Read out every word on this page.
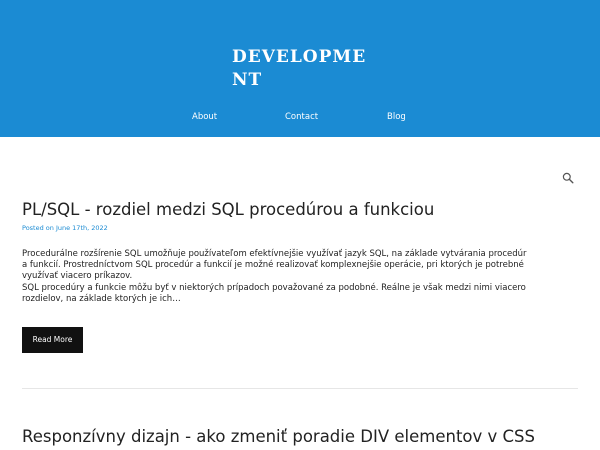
DEVELOPMENT
About	Contact	Blog
PL/SQL - rozdiel medzi SQL procedúrou a funkciou
Posted on June 17th, 2022

Procedurálne rozšírenie SQL umožňuje používateľom efektívnejšie využívať jazyk SQL, na základe vytvárania procedúr
a funkcií. Prostredníctvom SQL procedúr a funkcií je možné realizovať komplexnejšie operácie, pri ktorých je potrebné
využívať viacero príkazov.
SQL procedúry a funkcie môžu byť v niektorých prípadoch považované za podobné. Reálne je však medzi nimi viacero
rozdielov, na základe ktorých je ich…

Read More
Responzívny dizajn - ako zmeniť poradie DIV elementov v CSS
